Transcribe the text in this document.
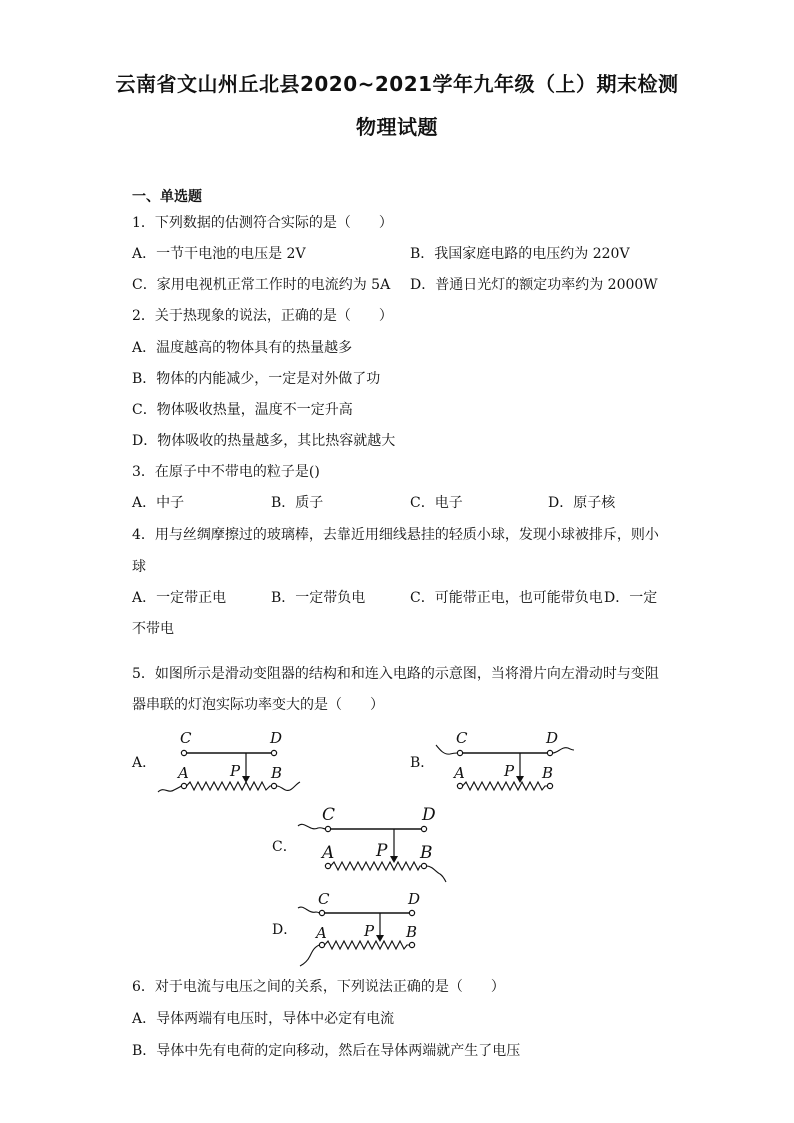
云南省文山州丘北县2020~2021学年九年级（上）期末检测
物理试题
一、单选题
1．下列数据的估测符合实际的是（　　）
A．一节干电池的电压是 2V	B．我国家庭电路的电压约为 220V
C．家用电视机正常工作时的电流约为 5A D．普通日光灯的额定功率约为 2000W
2．关于热现象的说法，正确的是（　　）
A．温度越高的物体具有的热量越多
B．物体的内能减少，一定是对外做了功
C．物体吸收热量，温度不一定升高
D．物体吸收的热量越多，其比热容就越大
3．在原子中不带电的粒子是()
A．中子	B．质子	C．电子	D．原子核
4．用与丝绸摩擦过的玻璃棒，去靠近用细线悬挂的轻质小球，发现小球被排斥，则小
球
A．一定带正电	B．一定带负电	C．可能带正电，也可能带负电 D．一定
不带电
5．如图所示是滑动变阻器的结构和和连入电路的示意图，当将滑片向左滑动时与变阻
器串联的灯泡实际功率变大的是（　　）
A．	B．
C．
D．
C	D
P
A	B
C	D
P
A	B
C	D
P
A	B
C	D
P
A	B
6．对于电流与电压之间的关系，下列说法正确的是（　　）
A．导体两端有电压时，导体中必定有电流
B．导体中先有电荷的定向移动，然后在导体两端就产生了电压
